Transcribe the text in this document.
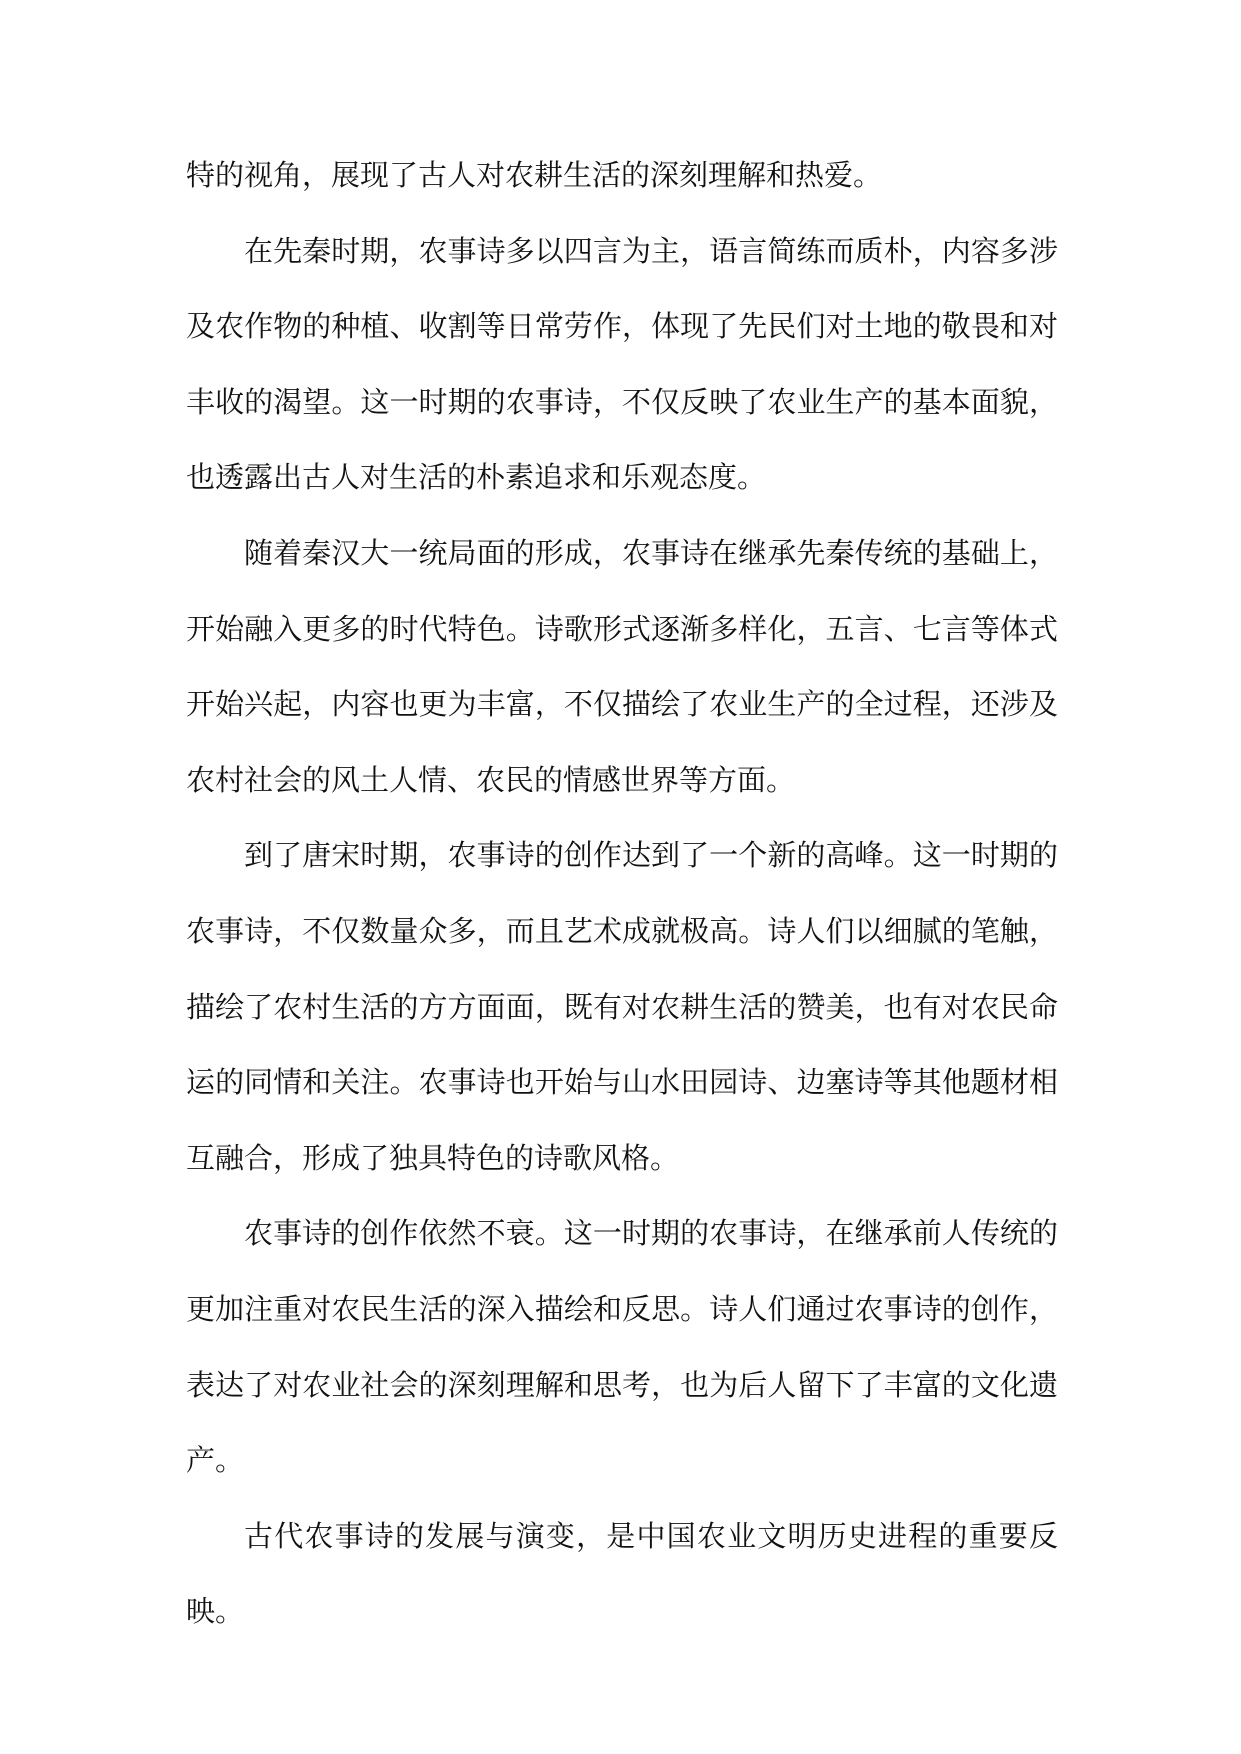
特的视角，展现了古人对农耕生活的深刻理解和热爱。

在先秦时期，农事诗多以四言为主，语言简练而质朴，内容多涉及农作物的种植、收割等日常劳作，体现了先民们对土地的敬畏和对丰收的渴望。这一时期的农事诗，不仅反映了农业生产的基本面貌，也透露出古人对生活的朴素追求和乐观态度。

随着秦汉大一统局面的形成，农事诗在继承先秦传统的基础上，开始融入更多的时代特色。诗歌形式逐渐多样化，五言、七言等体式开始兴起，内容也更为丰富，不仅描绘了农业生产的全过程，还涉及农村社会的风土人情、农民的情感世界等方面。

到了唐宋时期，农事诗的创作达到了一个新的高峰。这一时期的农事诗，不仅数量众多，而且艺术成就极高。诗人们以细腻的笔触，描绘了农村生活的方方面面，既有对农耕生活的赞美，也有对农民命运的同情和关注。农事诗也开始与山水田园诗、边塞诗等其他题材相互融合，形成了独具特色的诗歌风格。

农事诗的创作依然不衰。这一时期的农事诗，在继承前人传统的更加注重对农民生活的深入描绘和反思。诗人们通过农事诗的创作，表达了对农业社会的深刻理解和思考，也为后人留下了丰富的文化遗产。

古代农事诗的发展与演变，是中国农业文明历史进程的重要反映。
